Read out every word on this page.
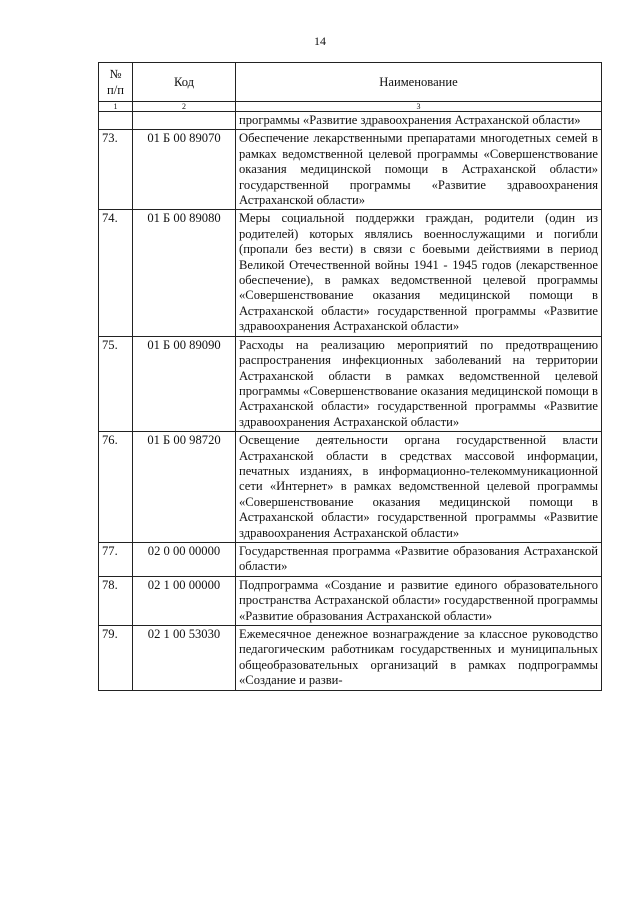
14
№
п/п	Код	Наименование
1	2	3
		программы «Развитие здравоохранения Астраханской области»
73.	01 Б 00 89070	Обеспечение лекарственными препаратами многодетных семей в рамках ведомственной целевой программы «Совершенствование оказания медицинской помощи в Астраханской области» государственной программы «Развитие здравоохранения Астраханской области»
74.	01 Б 00 89080	Меры социальной поддержки граждан, родители (один из родителей) которых являлись военнослужащими и погибли (пропали без вести) в связи с боевыми действиями в период Великой Отечественной войны 1941 - 1945 годов (лекарственное обеспечение), в рамках ведомственной целевой программы «Совершенствование оказания медицинской помощи в Астраханской области» государственной программы «Развитие здравоохранения Астраханской области»
75.	01 Б 00 89090	Расходы на реализацию мероприятий по предотвращению распространения инфекционных заболеваний на территории Астраханской области в рамках ведомственной целевой программы «Совершенствование оказания медицинской помощи в Астраханской области» государственной программы «Развитие здравоохранения Астраханской области»
76.	01 Б 00 98720	Освещение деятельности органа государственной власти Астраханской области в средствах массовой информации, печатных изданиях, в информационно-телекоммуникационной сети «Интернет» в рамках ведомственной целевой программы «Совершенствование оказания медицинской помощи в Астраханской области» государственной программы «Развитие здравоохранения Астраханской области»
77.	02 0 00 00000	Государственная программа «Развитие образования Астраханской области»
78.	02 1 00 00000	Подпрограмма «Создание и развитие единого образовательного пространства Астраханской области» государственной программы «Развитие образования Астраханской области»
79.	02 1 00 53030	Ежемесячное денежное вознаграждение за классное руководство педагогическим работникам государственных и муниципальных общеобразовательных организаций в рамках подпрограммы «Создание и разви-
